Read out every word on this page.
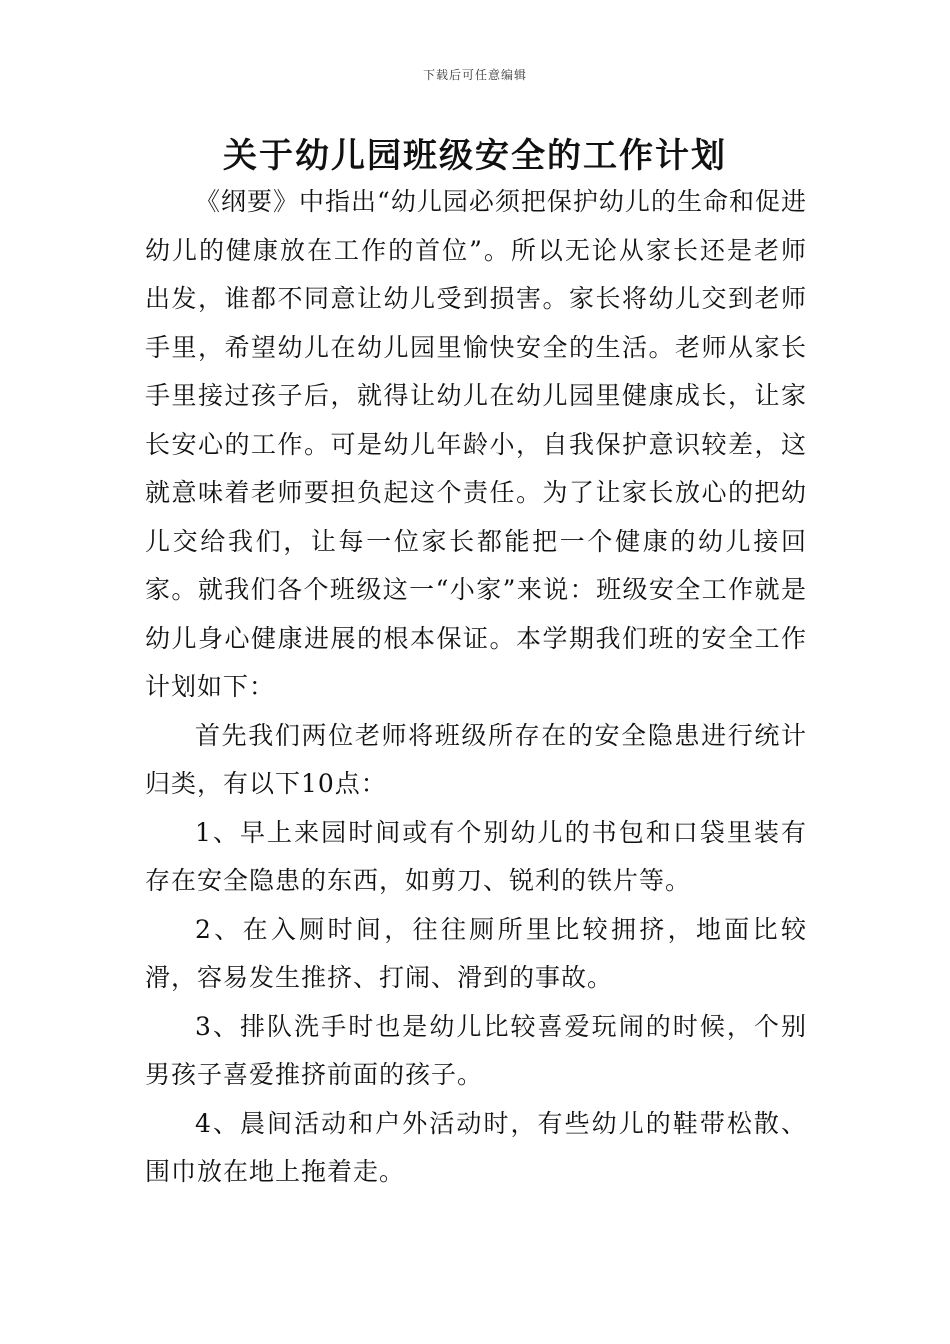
下载后可任意编辑
关于幼儿园班级安全的工作计划

《纲要》中指出“幼儿园必须把保护幼儿的生命和促进幼儿的健康放在工作的首位”。所以无论从家长还是老师出发，谁都不同意让幼儿受到损害。家长将幼儿交到老师手里，希望幼儿在幼儿园里愉快安全的生活。老师从家长手里接过孩子后，就得让幼儿在幼儿园里健康成长，让家长安心的工作。可是幼儿年龄小，自我保护意识较差，这就意味着老师要担负起这个责任。为了让家长放心的把幼儿交给我们，让每一位家长都能把一个健康的幼儿接回家。就我们各个班级这一“小家”来说：班级安全工作就是幼儿身心健康进展的根本保证。本学期我们班的安全工作计划如下：

首先我们两位老师将班级所存在的安全隐患进行统计归类，有以下10点：

1、早上来园时间或有个别幼儿的书包和口袋里装有存在安全隐患的东西，如剪刀、锐利的铁片等。

2、在入厕时间，往往厕所里比较拥挤，地面比较滑，容易发生推挤、打闹、滑到的事故。

3、排队洗手时也是幼儿比较喜爱玩闹的时候，个别男孩子喜爱推挤前面的孩子。

4、晨间活动和户外活动时，有些幼儿的鞋带松散、围巾放在地上拖着走。
